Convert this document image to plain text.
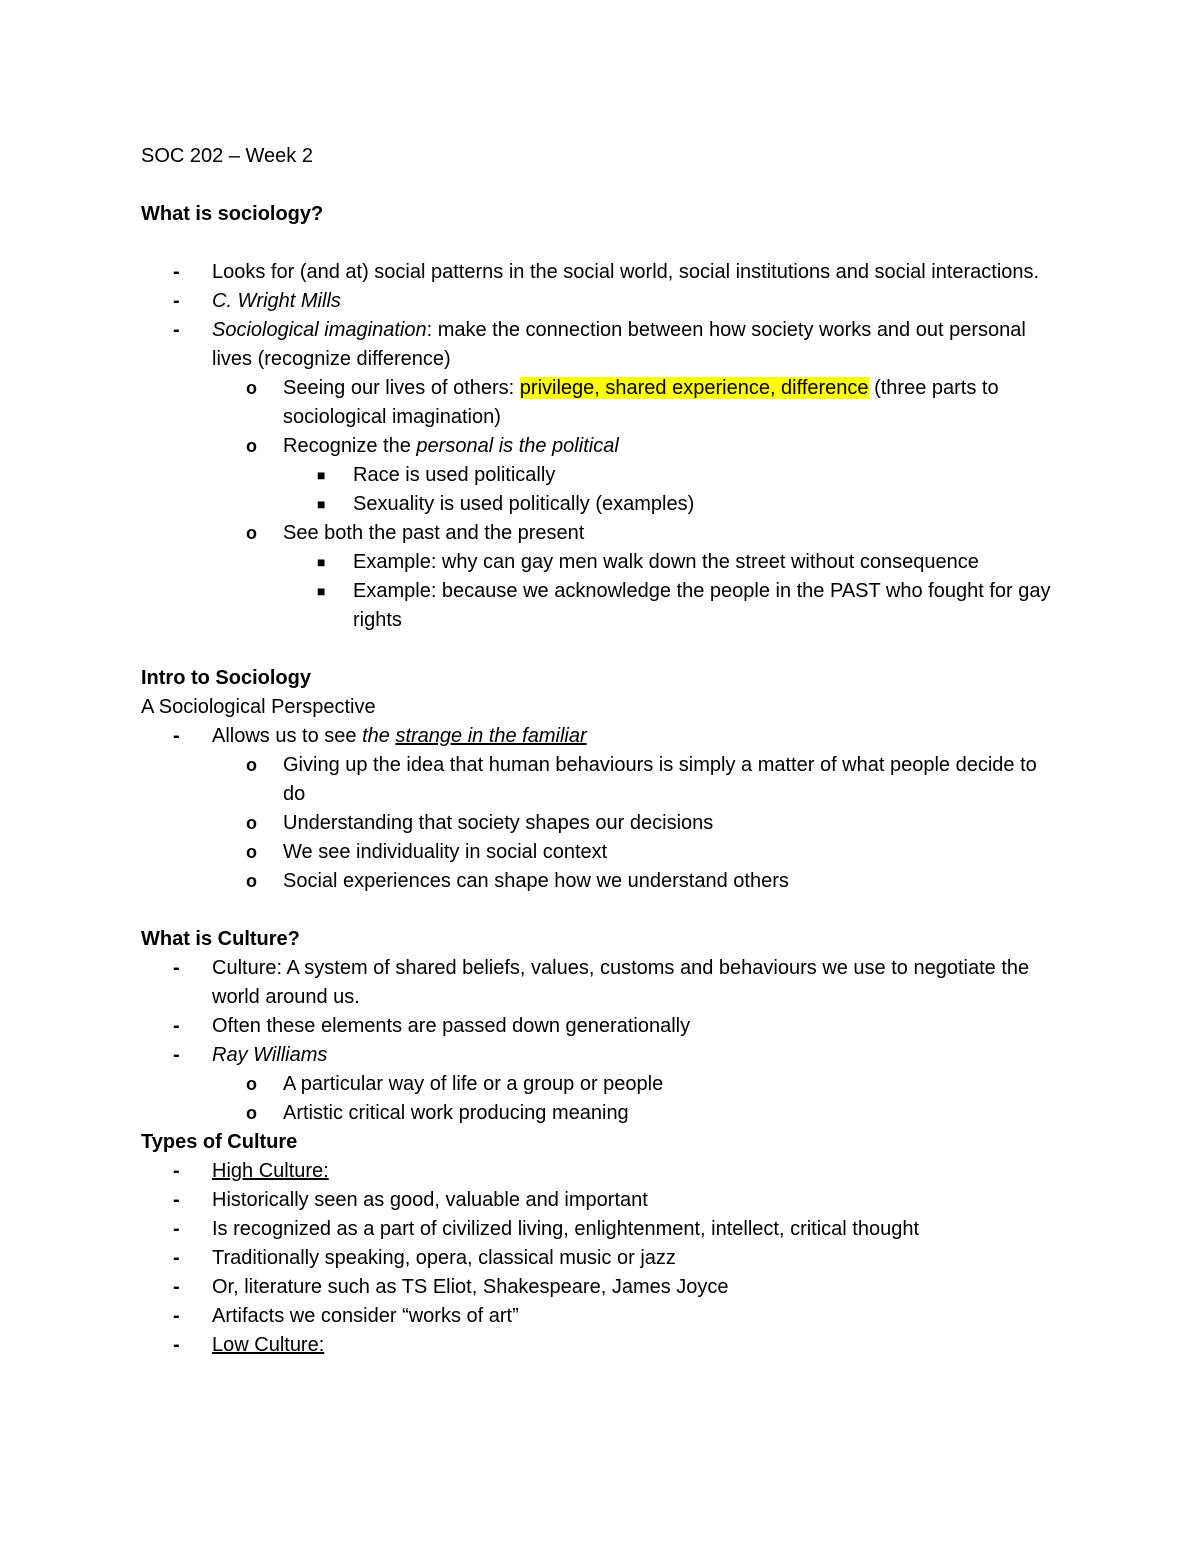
SOC 202 – Week 2
What is sociology?
- Looks for (and at) social patterns in the social world, social institutions and social interactions.
- C. Wright Mills
- Sociological imagination: make the connection between how society works and out personal lives (recognize difference)
o Seeing our lives of others: privilege, shared experience, difference (three parts to sociological imagination)
o Recognize the personal is the political
■ Race is used politically
■ Sexuality is used politically (examples)
o See both the past and the present
■ Example: why can gay men walk down the street without consequence
■ Example: because we acknowledge the people in the PAST who fought for gay rights
Intro to Sociology
A Sociological Perspective
- Allows us to see the strange in the familiar
o Giving up the idea that human behaviours is simply a matter of what people decide to do
o Understanding that society shapes our decisions
o We see individuality in social context
o Social experiences can shape how we understand others
What is Culture?
- Culture: A system of shared beliefs, values, customs and behaviours we use to negotiate the world around us.
- Often these elements are passed down generationally
- Ray Williams
o A particular way of life or a group or people
o Artistic critical work producing meaning
Types of Culture
- High Culture:
- Historically seen as good, valuable and important
- Is recognized as a part of civilized living, enlightenment, intellect, critical thought
- Traditionally speaking, opera, classical music or jazz
- Or, literature such as TS Eliot, Shakespeare, James Joyce
- Artifacts we consider “works of art”
- Low Culture:
